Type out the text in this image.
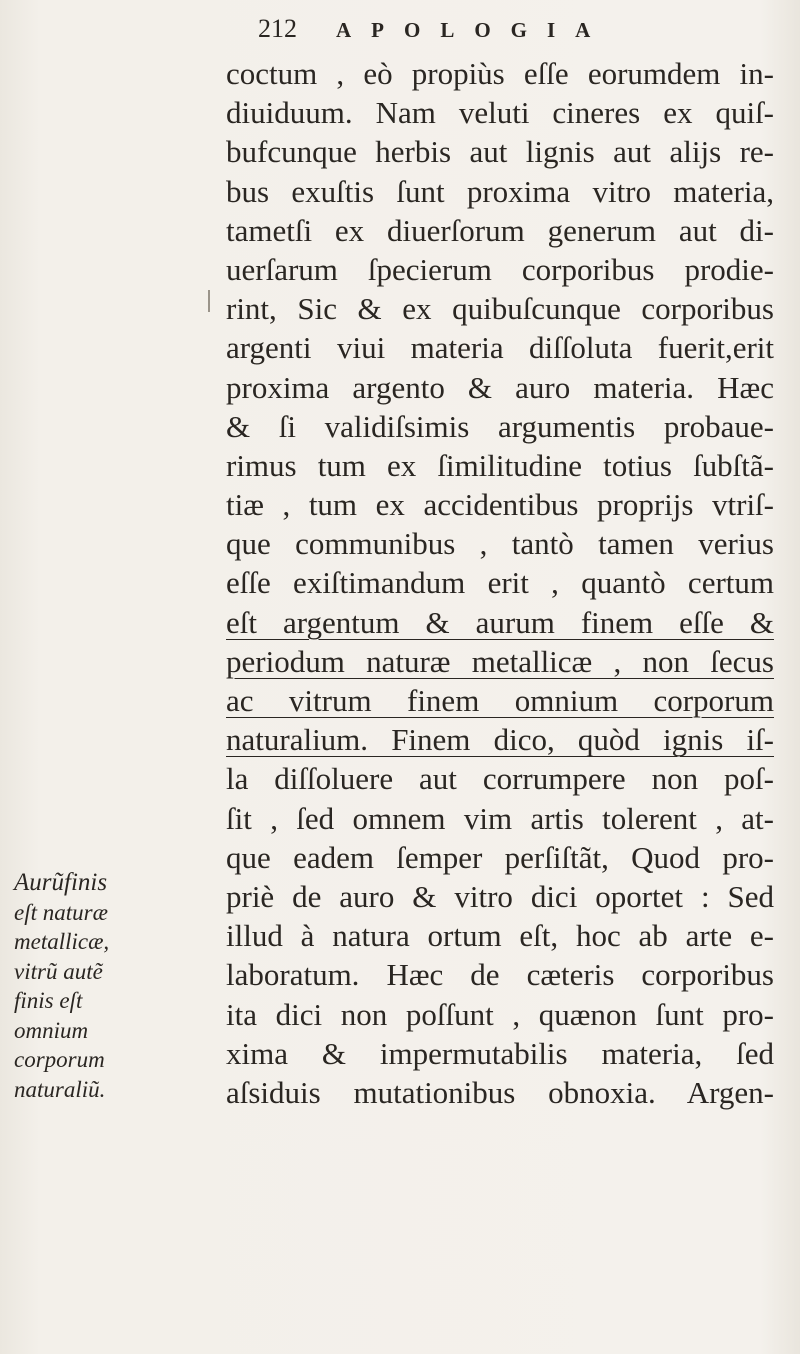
212	APOLOGIA
coctum , eò propiùs eſſe eorumdem in-
diuiduum. Nam veluti cineres ex quiſ-
bufcunque herbis aut lignis aut alijs re-
bus exuſtis ſunt proxima vitro materia,
tametſi ex diuerſorum generum aut di-
uerſarum ſpecierum corporibus prodie-
rint, Sic & ex quibuſcunque corporibus
argenti viui materia diſſoluta fuerit,erit
proxima argento & auro materia. Hæc
& ſi validiſsimis argumentis probaue-
rimus tum ex ſimilitudine totius ſubſtã-
tiæ , tum ex accidentibus proprijs vtriſ-
que communibus , tantò tamen verius
eſſe exiſtimandum erit , quantò certum
eſt argentum & aurum finem eſſe &
periodum naturæ metallicæ , non ſecus
ac vitrum finem omnium corporum
naturalium. Finem dico, quòd ignis iſ-
la diſſoluere aut corrumpere non poſ-
ſit , ſed omnem vim artis tolerent , at-
que eadem ſemper perſiſtãt, Quod pro-
priè de auro & vitro dici oportet : Sed
illud à natura ortum eſt, hoc ab arte e-
laboratum. Hæc de cæteris corporibus
ita dici non poſſunt , quænon ſunt pro-
xima & impermutabilis materia, ſed
aſsiduis mutationibus obnoxia. Argen-
Aurũfinis
eſt naturæ
metallicæ,
vitrũ autẽ
finis eſt
omnium
corporum
naturaliũ.
